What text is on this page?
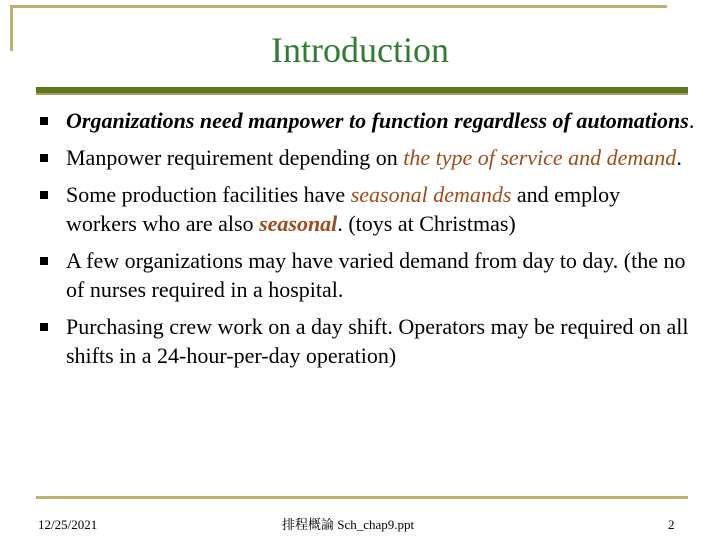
Introduction
Organizations need manpower to function regardless of automations.
Manpower requirement depending on the type of service and demand.
Some production facilities have seasonal demands and employ workers who are also seasonal. (toys at Christmas)
A few organizations may have varied demand from day to day. (the no of nurses required in a hospital.
Purchasing crew work on a day shift. Operators may be required on all shifts in a 24-hour-per-day operation)
12/25/2021	排程概論 Sch_chap9.ppt	2
